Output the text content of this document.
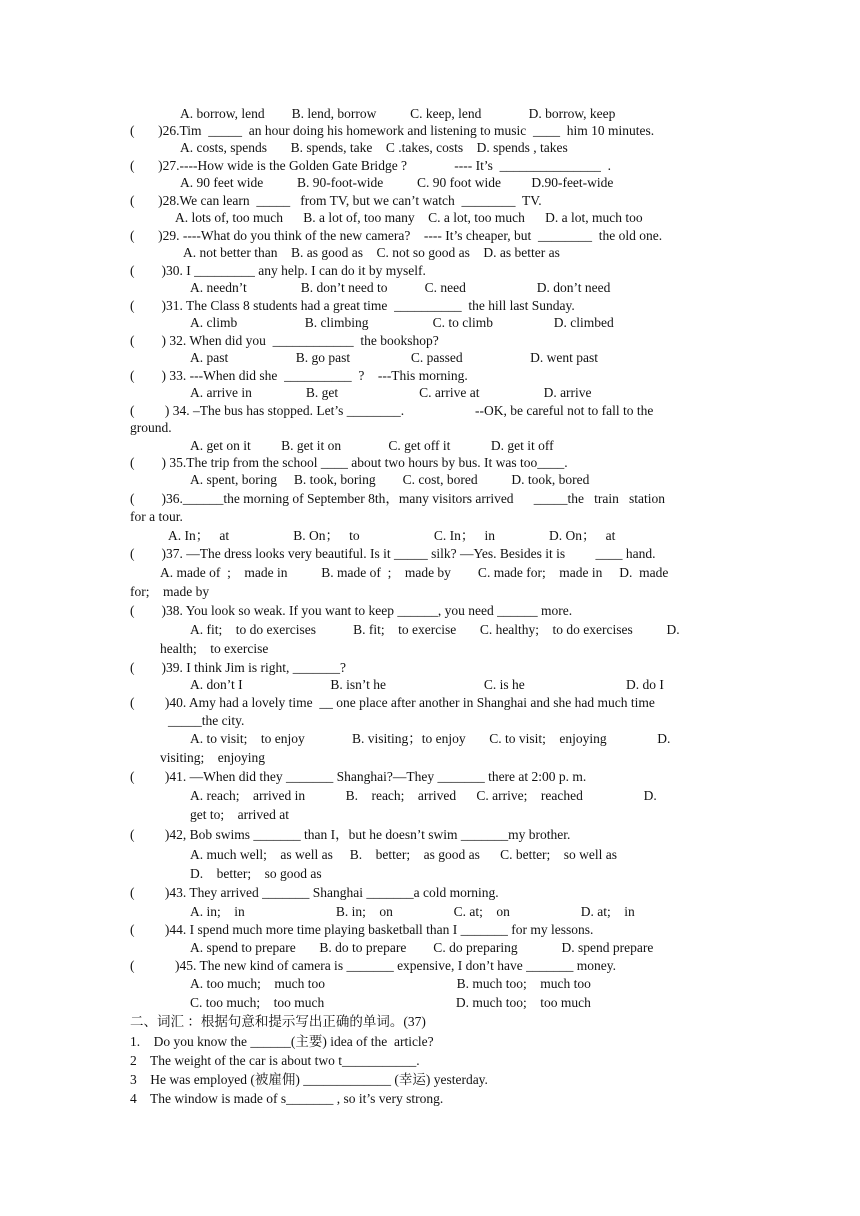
A. borrow, lend        B. lend, borrow          C. keep, lend              D. borrow, keep
(       )26.Tim  _____  an hour doing his homework and listening to music  ____  him 10 minutes.
A. costs, spends       B. spends, take    C .takes, costs    D. spends , takes
(       )27.----How wide is the Golden Gate Bridge ?              ---- It’s  _______________  .
A. 90 feet wide          B. 90-foot-wide          C. 90 foot wide         D.90-feet-wide
(       )28.We can learn  _____   from TV, but we can’t watch  ________  TV.
A. lots of, too much      B. a lot of, too many    C. a lot, too much      D. a lot, much too
(       )29. ----What do you think of the new camera?    ---- It’s cheaper, but  ________  the old one.
A. not better than    B. as good as    C. not so good as    D. as better as
(        )30. I _________ any help. I can do it by myself.
A. needn’t                B. don’t need to           C. need                     D. don’t need
(        )31. The Class 8 students had a great time  __________  the hill last Sunday.
A. climb                    B. climbing                   C. to climb                  D. climbed
(        ) 32. When did you  ____________  the bookshop?
A. past                    B. go past                  C. passed                    D. went past
(        ) 33. ---When did she  __________  ?    ---This morning.
A. arrive in                B. get                        C. arrive at                   D. arrive
(         ) 34. –The bus has stopped. Let’s ________.                     --OK, be careful not to fall to the
ground.
A. get on it         B. get it on              C. get off it            D. get it off
(        ) 35.The trip from the school ____ about two hours by bus. It was too____.
A. spent, boring     B. took, boring        C. cost, bored          D. took, bored
(        )36.______the morning of September 8th，many visitors arrived      _____the   train   station
for a tour.
A. In；   at                   B. On；   to                      C. In；   in                D. On；   at
(        )37. —The dress looks very beautiful. Is it _____ silk? —Yes. Besides it is         ____ hand.
A. made of  ;    made in          B. made of  ;    made by        C. made for;    made in     D.  made
for;    made by
(        )38. You look so weak. If you want to keep ______, you need ______ more.
A. fit;    to do exercises           B. fit;    to exercise       C. healthy;    to do exercises          D.
health;    to exercise
(        )39. I think Jim is right, _______?
A. don’t I                          B. isn’t he                             C. is he                              D. do I
(         )40. Amy had a lovely time  __ one place after another in Shanghai and she had much time
_____the city.
A. to visit;    to enjoy              B. visiting；to enjoy       C. to visit;    enjoying               D.
visiting;    enjoying
(         )41. —When did they _______ Shanghai?—They _______ there at 2:00 p. m.
A. reach;    arrived in            B.    reach;    arrived      C. arrive;    reached                  D.
get to;    arrived at
(         )42, Bob swims _______ than I，but he doesn’t swim _______my brother.
A. much well;    as well as     B.    better;    as good as      C. better;    so well as
D.    better;    so good as
(         )43. They arrived _______ Shanghai _______a cold morning.
A. in;    in                           B. in;    on                  C. at;    on                     D. at;    in
(         )44. I spend much more time playing basketball than I _______ for my lessons.
A. spend to prepare       B. do to prepare        C. do preparing             D. spend prepare
(            )45. The new kind of camera is _______ expensive, I don’t have _______ money.
A. too much;    much too                                       B. much too;    much too
C. too much;    too much                                       D. much too;    too much
二、词汇 ：根据句意和提示写出正确的单词。(37)
1.    Do you know the ______(主要) idea of the  article?
2    The weight of the car is about two t___________.
3    He was employed (被雇佣) _____________ (幸运) yesterday.
4    The window is made of s_______ , so it’s very strong.
